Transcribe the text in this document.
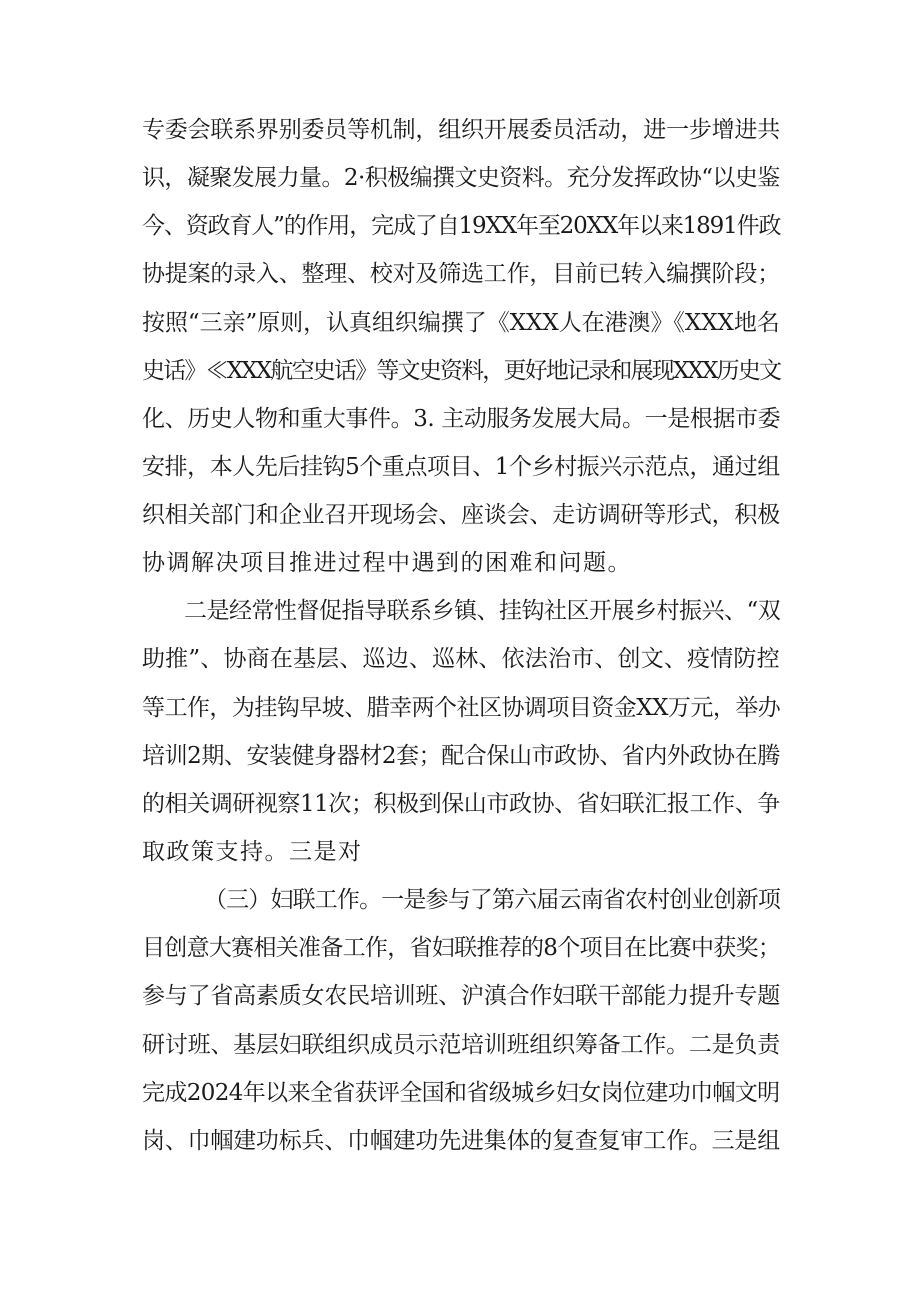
专委会联系界别委员等机制，组织开展委员活动，进一步增进共
识，凝聚发展力量。2·积极编撰文史资料。充分发挥政协“以史鉴
今、资政育人”的作用，完成了自19XX年至20XX年以来1891件政
协提案的录入、整理、校对及筛选工作，目前已转入编撰阶段；
按照“三亲”原则，认真组织编撰了《XXX人在港澳》《XXX地名
史话》≪XXX航空史话》等文史资料，更好地记录和展现XXX历史文
化、历史人物和重大事件。3. 主动服务发展大局。一是根据市委
安排，本人先后挂钩5个重点项目、1个乡村振兴示范点，通过组
织相关部门和企业召开现场会、座谈会、走访调研等形式，积极
协调解决项目推进过程中遇到的困难和问题。
二是经常性督促指导联系乡镇、挂钩社区开展乡村振兴、“双
助推”、协商在基层、巡边、巡林、依法治市、创文、疫情防控
等工作，为挂钩早坡、腊幸两个社区协调项目资金XX万元，举办
培训2期、安装健身器材2套；配合保山市政协、省内外政协在腾
的相关调研视察11次；积极到保山市政协、省妇联汇报工作、争
取政策支持。三是对
（三）妇联工作。一是参与了第六届云南省农村创业创新项
目创意大赛相关准备工作，省妇联推荐的8个项目在比赛中获奖；
参与了省高素质女农民培训班、沪滇合作妇联干部能力提升专题
研讨班、基层妇联组织成员示范培训班组织筹备工作。二是负责
完成2024年以来全省获评全国和省级城乡妇女岗位建功巾帼文明
岗、巾帼建功标兵、巾帼建功先进集体的复查复审工作。三是组
